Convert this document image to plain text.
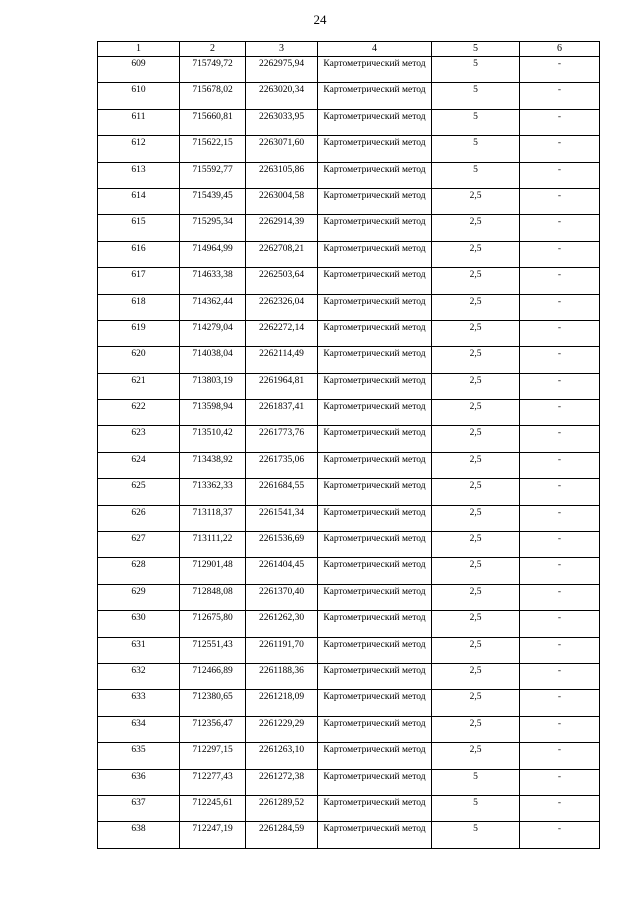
24
1	2	3	4	5	6
609	715749,72	2262975,94	Картометрический метод	5	-
610	715678,02	2263020,34	Картометрический метод	5	-
611	715660,81	2263033,95	Картометрический метод	5	-
612	715622,15	2263071,60	Картометрический метод	5	-
613	715592,77	2263105,86	Картометрический метод	5	-
614	715439,45	2263004,58	Картометрический метод	2,5	-
615	715295,34	2262914,39	Картометрический метод	2,5	-
616	714964,99	2262708,21	Картометрический метод	2,5	-
617	714633,38	2262503,64	Картометрический метод	2,5	-
618	714362,44	2262326,04	Картометрический метод	2,5	-
619	714279,04	2262272,14	Картометрический метод	2,5	-
620	714038,04	2262114,49	Картометрический метод	2,5	-
621	713803,19	2261964,81	Картометрический метод	2,5	-
622	713598,94	2261837,41	Картометрический метод	2,5	-
623	713510,42	2261773,76	Картометрический метод	2,5	-
624	713438,92	2261735,06	Картометрический метод	2,5	-
625	713362,33	2261684,55	Картометрический метод	2,5	-
626	713118,37	2261541,34	Картометрический метод	2,5	-
627	713111,22	2261536,69	Картометрический метод	2,5	-
628	712901,48	2261404,45	Картометрический метод	2,5	-
629	712848,08	2261370,40	Картометрический метод	2,5	-
630	712675,80	2261262,30	Картометрический метод	2,5	-
631	712551,43	2261191,70	Картометрический метод	2,5	-
632	712466,89	2261188,36	Картометрический метод	2,5	-
633	712380,65	2261218,09	Картометрический метод	2,5	-
634	712356,47	2261229,29	Картометрический метод	2,5	-
635	712297,15	2261263,10	Картометрический метод	2,5	-
636	712277,43	2261272,38	Картометрический метод	5	-
637	712245,61	2261289,52	Картометрический метод	5	-
638	712247,19	2261284,59	Картометрический метод	5	-
